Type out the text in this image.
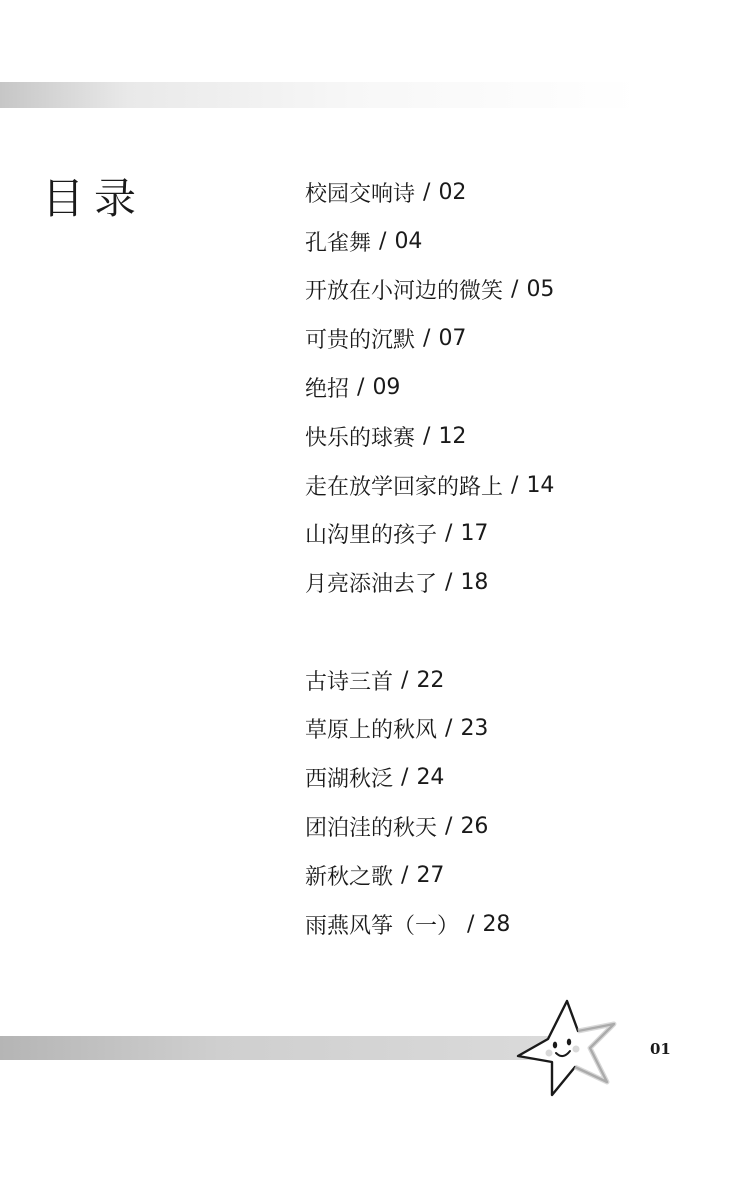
目录	校园交响诗 / 02
孔雀舞 / 04
开放在小河边的微笑 / 05
可贵的沉默 / 07
绝招 / 09
快乐的球赛 / 12
走在放学回家的路上 / 14
山沟里的孩子 / 17
月亮添油去了 / 18
古诗三首 / 22
草原上的秋风 / 23
西湖秋泛 / 24
团泊洼的秋天 / 26
新秋之歌 / 27
雨燕风筝（一） / 28
01
